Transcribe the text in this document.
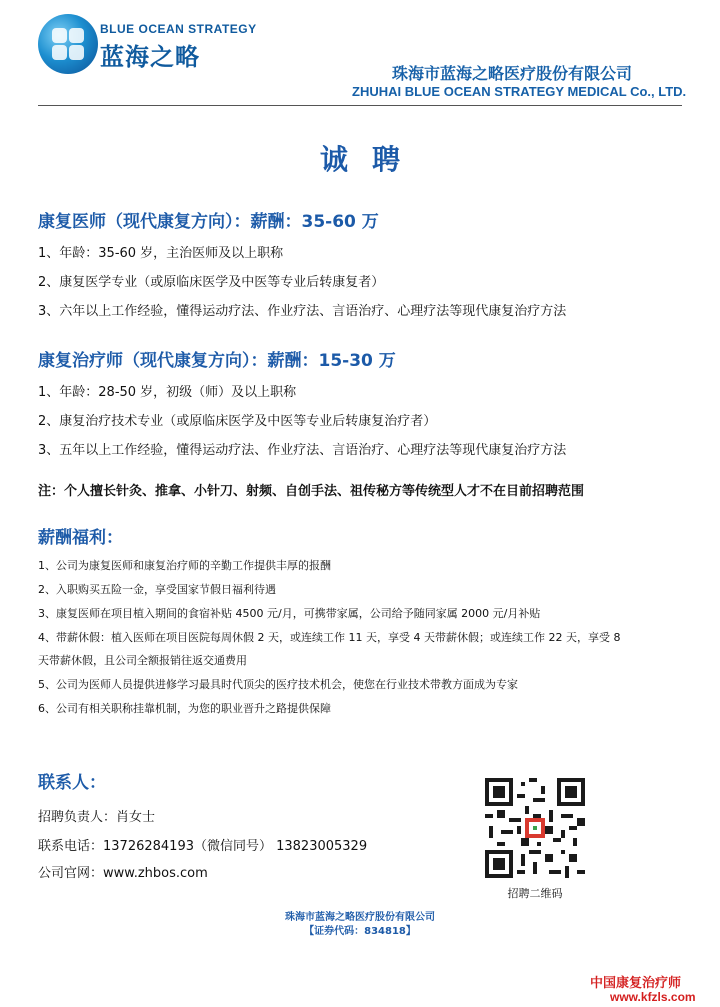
BLUE OCEAN STRATEGY
蓝海之略
珠海市蓝海之略医疗股份有限公司
ZHUHAI BLUE OCEAN STRATEGY MEDICAL Co., LTD.
诚聘
康复医师（现代康复方向）：薪酬：35-60 万
1、年龄：35-60 岁，主治医师及以上职称
2、康复医学专业（或原临床医学及中医等专业后转康复者）
3、六年以上工作经验，懂得运动疗法、作业疗法、言语治疗、心理疗法等现代康复治疗方法
康复治疗师（现代康复方向）：薪酬：15-30 万
1、年龄：28-50 岁，初级（师）及以上职称
2、康复治疗技术专业（或原临床医学及中医等专业后转康复治疗者）
3、五年以上工作经验，懂得运动疗法、作业疗法、言语治疗、心理疗法等现代康复治疗方法
注：个人擅长针灸、推拿、小针刀、射频、自创手法、祖传秘方等传统型人才不在目前招聘范围
薪酬福利：
1、公司为康复医师和康复治疗师的辛勤工作提供丰厚的报酬
2、入职购买五险一金，享受国家节假日福利待遇
3、康复医师在项目植入期间的食宿补贴 4500 元/月，可携带家属，公司给予随同家属 2000 元/月补贴
4、带薪休假：植入医师在项目医院每周休假 2 天，或连续工作 11 天，享受 4 天带薪休假；或连续工作 22 天，享受 8
天带薪休假，且公司全额报销往返交通费用
5、公司为医师人员提供进修学习最具时代顶尖的医疗技术机会，使您在行业技术带教方面成为专家
6、公司有相关职称挂靠机制，为您的职业晋升之路提供保障
联系人：
招聘负责人：肖女士
联系电话：13726284193（微信同号） 13823005329
公司官网：www.zhbos.com
招聘二维码
珠海市蓝海之略医疗股份有限公司
【证券代码：834818】
中国康复治疗师
www.kfzls.com
